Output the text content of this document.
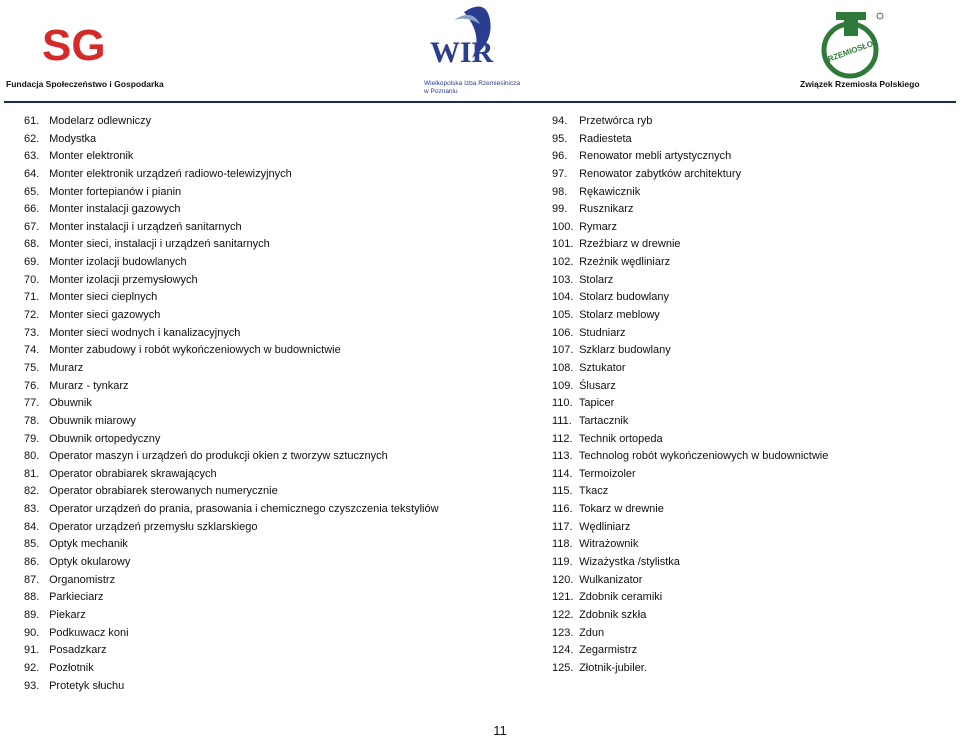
SG
Fundacja Społeczeństwo i Gospodarka
WIR
Wielkopolska Izba Rzemieślnicza
w Poznaniu
RZEMIOSŁO
Związek Rzemiosła Polskiego
61. Modelarz odlewniczy
62. Modystka
63. Monter elektronik
64. Monter elektronik urządzeń radiowo-telewizyjnych
65. Monter fortepianów i pianin
66. Monter instalacji gazowych
67. Monter instalacji i urządzeń sanitarnych
68. Monter sieci, instalacji i urządzeń sanitarnych
69. Monter izolacji budowlanych
70. Monter izolacji przemysłowych
71. Monter sieci cieplnych
72. Monter sieci gazowych
73. Monter sieci wodnych i kanalizacyjnych
74. Monter zabudowy i robót wykończeniowych w budownictwie
75. Murarz
76. Murarz - tynkarz
77. Obuwnik
78. Obuwnik miarowy
79. Obuwnik ortopedyczny
80. Operator maszyn i urządzeń do produkcji okien z tworzyw sztucznych
81. Operator obrabiarek skrawających
82. Operator obrabiarek sterowanych numerycznie
83. Operator urządzeń do prania, prasowania i chemicznego czyszczenia tekstyliów
84. Operator urządzeń przemysłu szklarskiego
85. Optyk mechanik
86. Optyk okularowy
87. Organomistrz
88. Parkieciarz
89. Piekarz
90. Podkuwacz koni
91. Posadzkarz
92. Pozłotnik
93. Protetyk słuchu
94. Przetwórca ryb
95. Radiesteta
96. Renowator mebli artystycznych
97. Renowator zabytków architektury
98. Rękawicznik
99. Rusznikarz
100. Rymarz
101. Rzeźbiarz w drewnie
102. Rzeźnik wędliniarz
103. Stolarz
104. Stolarz budowlany
105. Stolarz meblowy
106. Studniarz
107. Szklarz budowlany
108. Sztukator
109. Ślusarz
110. Tapicer
111. Tartacznik
112. Technik ortopeda
113. Technolog robót wykończeniowych w budownictwie
114. Termoizoler
115. Tkacz
116. Tokarz w drewnie
117. Wędliniarz
118. Witrażownik
119. Wizażystka /stylistka
120. Wulkanizator
121. Zdobnik ceramiki
122. Zdobnik szkła
123. Zdun
124. Zegarmistrz
125. Złotnik-jubiler.
11
